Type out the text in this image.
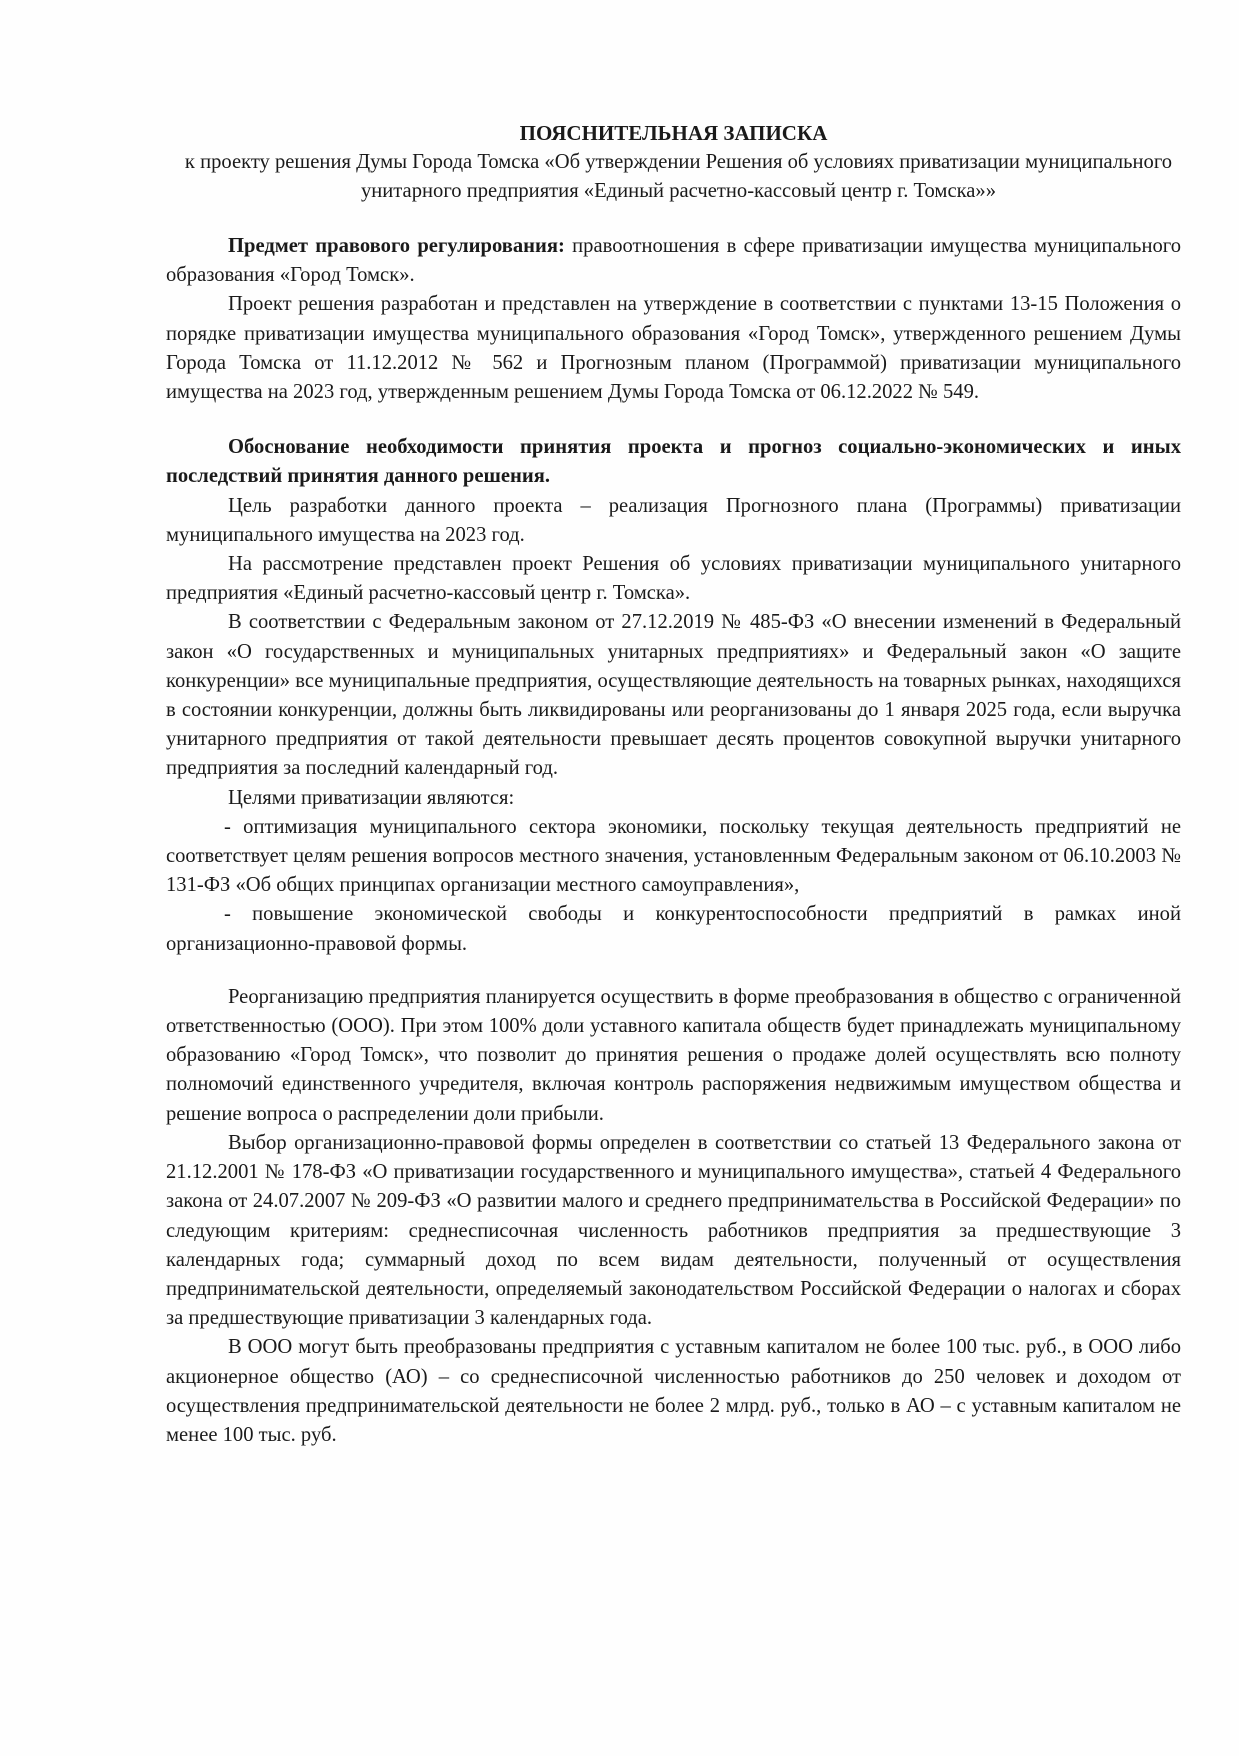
ПОЯСНИТЕЛЬНАЯ ЗАПИСКА
к проекту решения Думы Города Томска «Об утверждении Решения об условиях приватизации муниципального унитарного предприятия «Единый расчетно-кассовый центр г. Томска»»

Предмет правового регулирования: правоотношения в сфере приватизации имущества муниципального образования «Город Томск».

Проект решения разработан и представлен на утверждение в соответствии с пунктами 13-15 Положения о порядке приватизации имущества муниципального образования «Город Томск», утвержденного решением Думы Города Томска от 11.12.2012 № 562 и Прогнозным планом (Программой) приватизации муниципального имущества на 2023 год, утвержденным решением Думы Города Томска от 06.12.2022 № 549.

Обоснование необходимости принятия проекта и прогноз социально-экономических и иных последствий принятия данного решения.

Цель разработки данного проекта – реализация Прогнозного плана (Программы) приватизации муниципального имущества на 2023 год.

На рассмотрение представлен проект Решения об условиях приватизации муниципального унитарного предприятия «Единый расчетно-кассовый центр г. Томска».

В соответствии с Федеральным законом от 27.12.2019 № 485-ФЗ «О внесении изменений в Федеральный закон «О государственных и муниципальных унитарных предприятиях» и Федеральный закон «О защите конкуренции» все муниципальные предприятия, осуществляющие деятельность на товарных рынках, находящихся в состоянии конкуренции, должны быть ликвидированы или реорганизованы до 1 января 2025 года, если выручка унитарного предприятия от такой деятельности превышает десять процентов совокупной выручки унитарного предприятия за последний календарный год.

Целями приватизации являются:

- оптимизация муниципального сектора экономики, поскольку текущая деятельность предприятий не соответствует целям решения вопросов местного значения, установленным Федеральным законом от 06.10.2003 № 131-ФЗ «Об общих принципах организации местного самоуправления»,

- повышение экономической свободы и конкурентоспособности предприятий в рамках иной организационно-правовой формы.

Реорганизацию предприятия планируется осуществить в форме преобразования в общество с ограниченной ответственностью (ООО). При этом 100% доли уставного капитала обществ будет принадлежать муниципальному образованию «Город Томск», что позволит до принятия решения о продаже долей осуществлять всю полноту полномочий единственного учредителя, включая контроль распоряжения недвижимым имуществом общества и решение вопроса о распределении доли прибыли.

Выбор организационно-правовой формы определен в соответствии со статьей 13 Федерального закона от 21.12.2001 № 178-ФЗ «О приватизации государственного и муниципального имущества», статьей 4 Федерального закона от 24.07.2007 № 209-ФЗ «О развитии малого и среднего предпринимательства в Российской Федерации» по следующим критериям: среднесписочная численность работников предприятия за предшествующие 3 календарных года; суммарный доход по всем видам деятельности, полученный от осуществления предпринимательской деятельности, определяемый законодательством Российской Федерации о налогах и сборах за предшествующие приватизации 3 календарных года.

В ООО могут быть преобразованы предприятия с уставным капиталом не более 100 тыс. руб., в ООО либо акционерное общество (АО) – со среднесписочной численностью работников до 250 человек и доходом от осуществления предпринимательской деятельности не более 2 млрд. руб., только в АО – с уставным капиталом не менее 100 тыс. руб.
